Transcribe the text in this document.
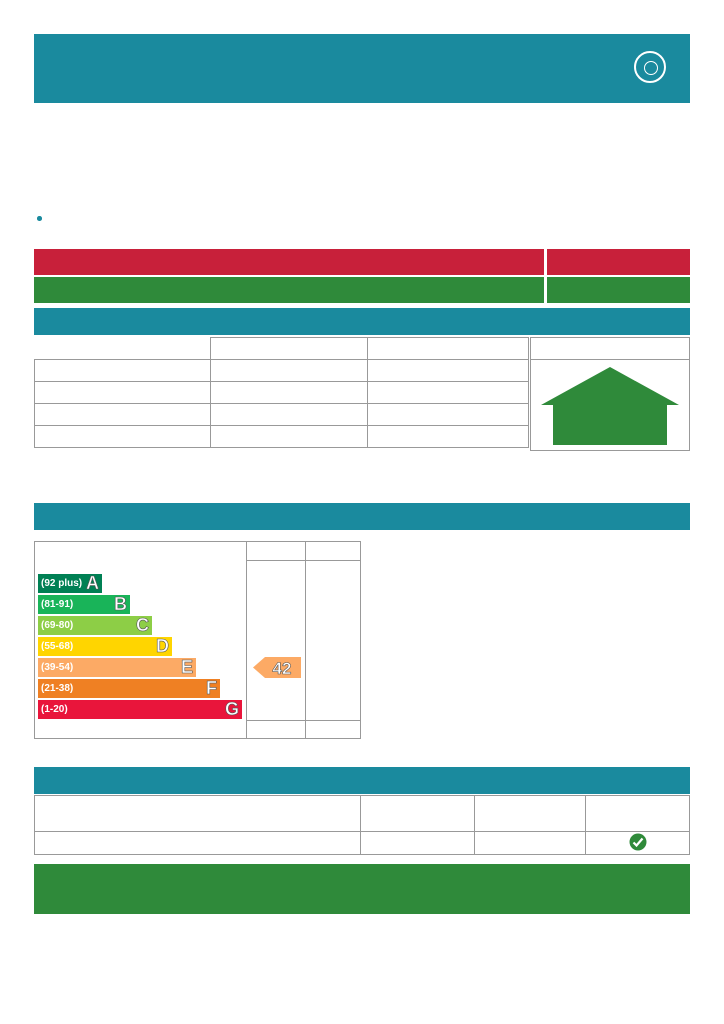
(92 plus) A
(81-91) B
(69-80)	C
(55-68)	D
(39-54)	E
(21-38)	F
(1-20)	G
42
